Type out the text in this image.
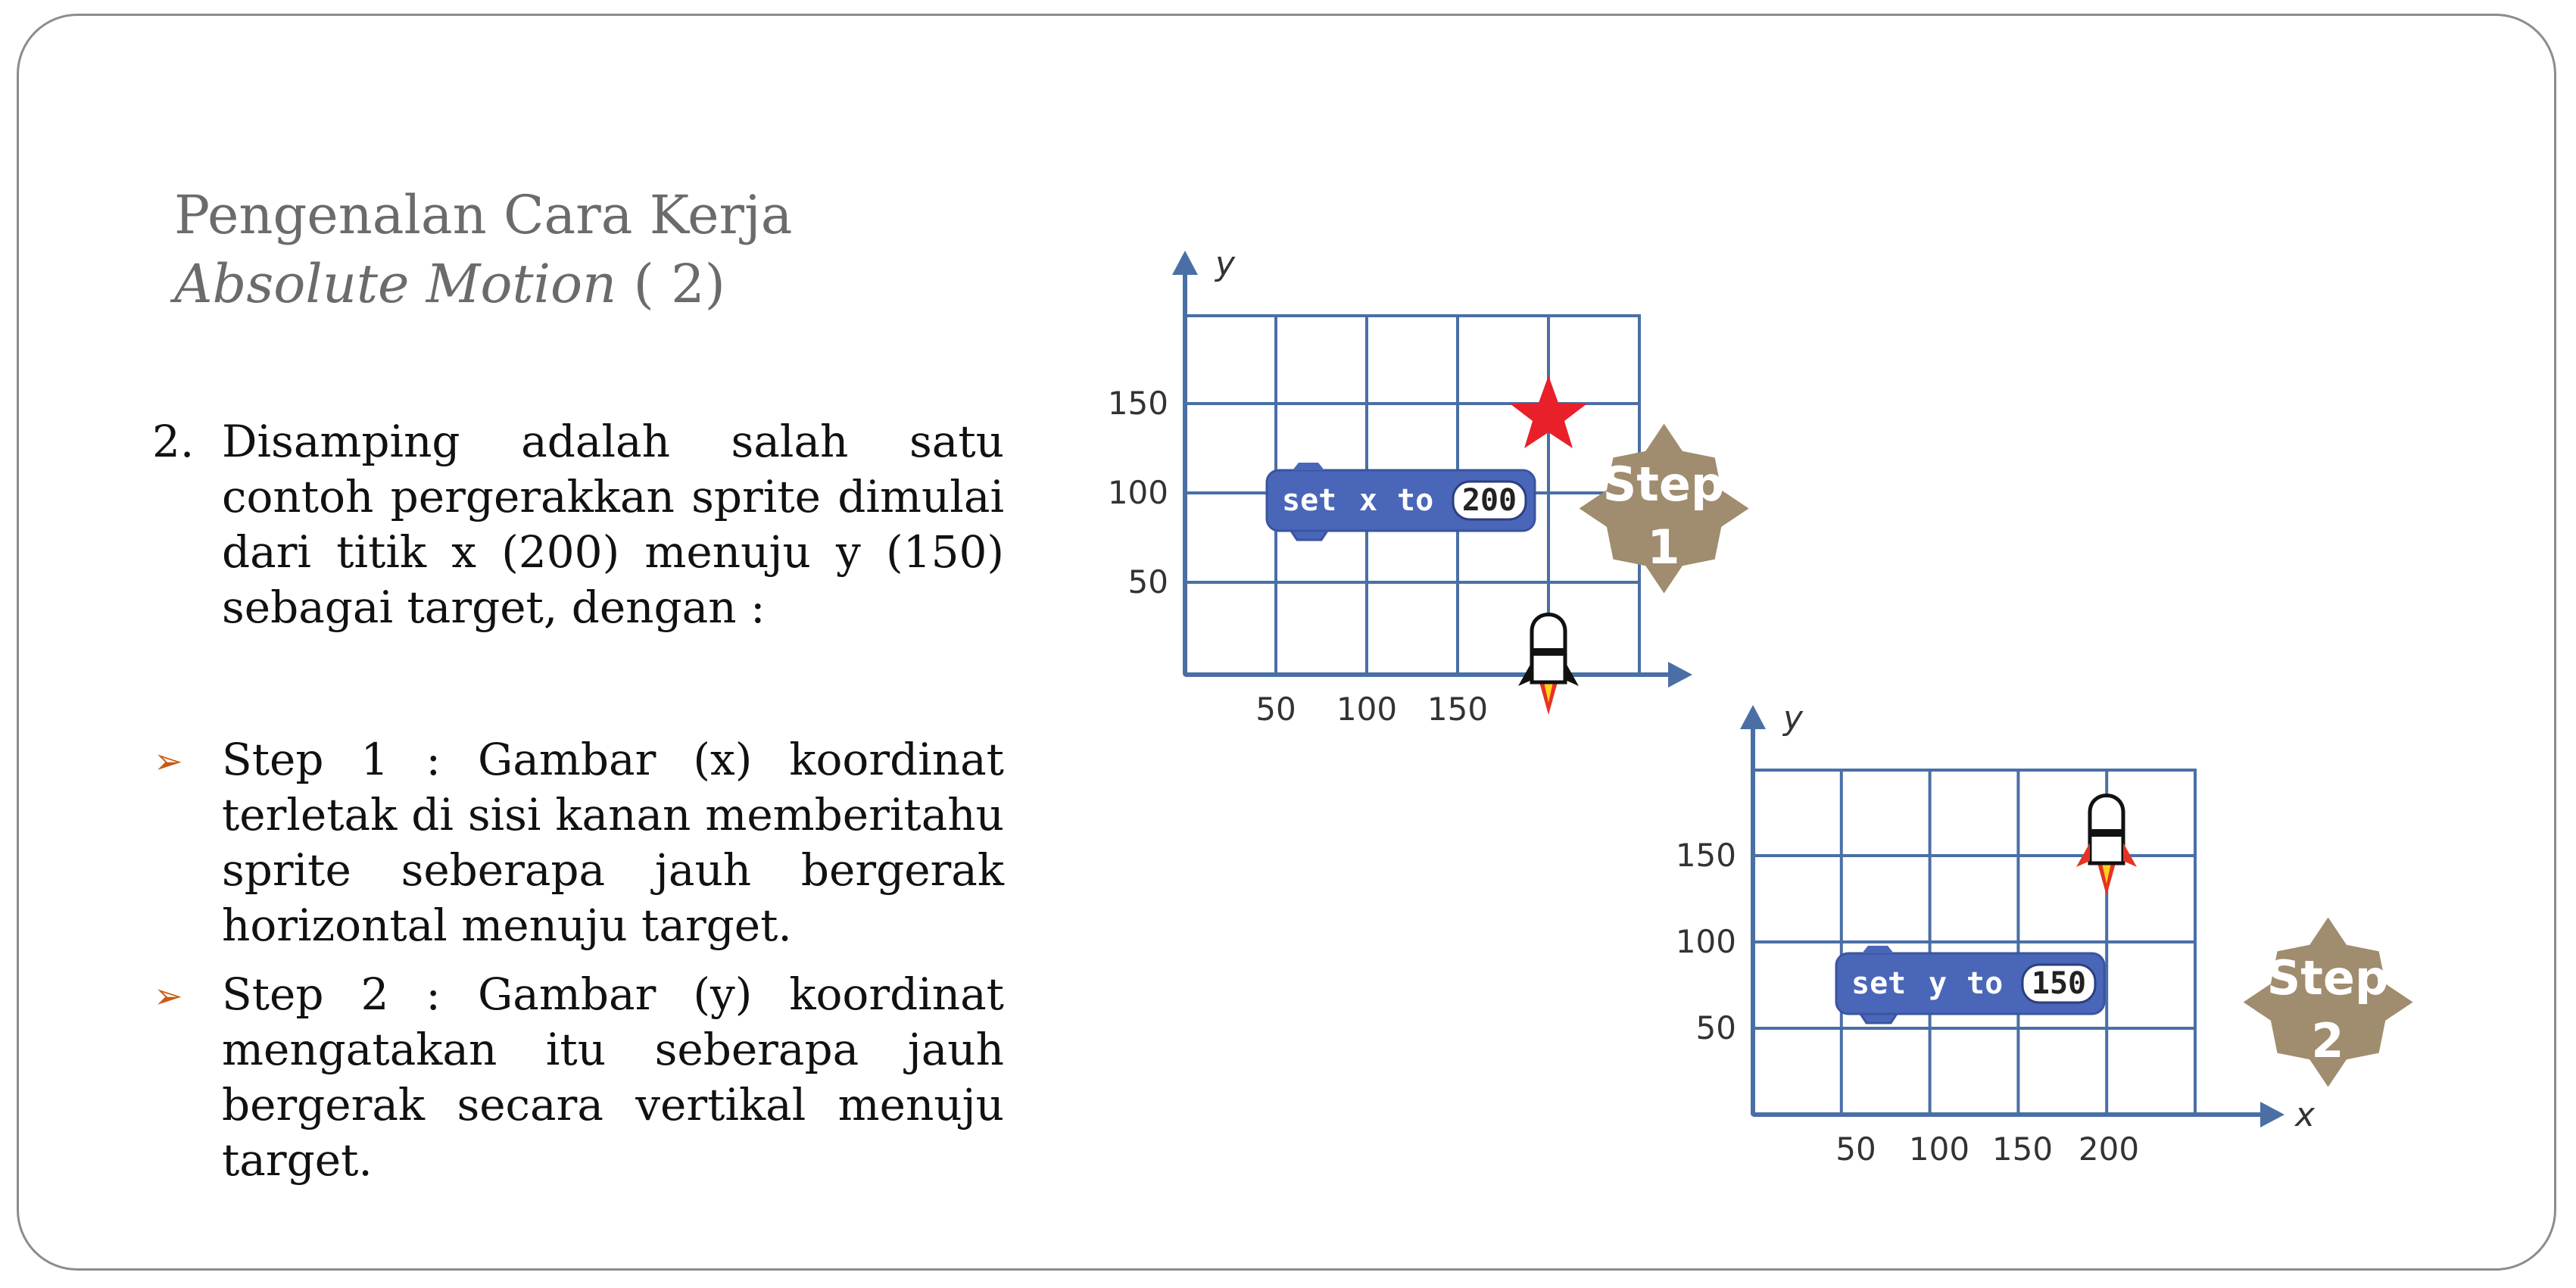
Pengenalan Cara Kerja
Absolute Motion ( 2)
2. Disamping adalah salah satu contoh pergerakkan sprite dimulai dari titik x (200) menuju y (150) sebagai target, dengan :
➢ Step 1 : Gambar (x) koordinat terletak di sisi kanan memberitahu sprite seberapa jauh bergerak horizontal menuju target.
➢ Step 2 : Gambar (y) koordinat mengatakan itu seberapa jauh bergerak secara vertikal menuju target.
y
150
100
50
50 100 150
set x to 200 Step
1
y
x
150
100
50
50 100 150 200
set y to 150	Step
2
